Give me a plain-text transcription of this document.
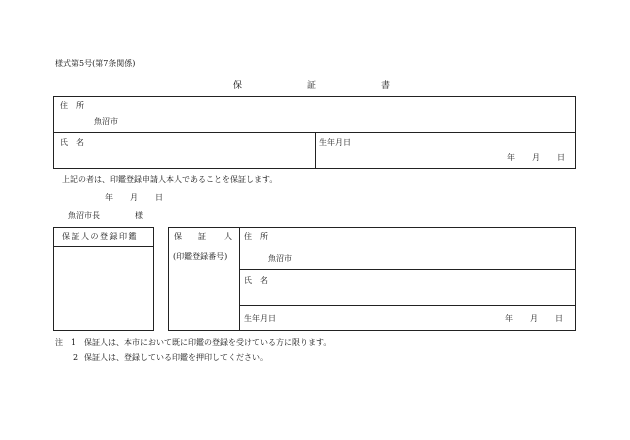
様式第5号(第7条関係)
保	証	書
住　所
魚沼市
氏　名	生年月日
年 月 日
上記の者は、印鑑登録申請人本人であることを保証します。
年 月 日
魚沼市長	様
保証人の登録印鑑	保 証 人
(印鑑登録番号)
住　所
魚沼市
氏　名
生年月日	年 月 日
注　1 保証人は、本市において既に印鑑の登録を受けている方に限ります。
2 保証人は、登録している印鑑を押印してください。
